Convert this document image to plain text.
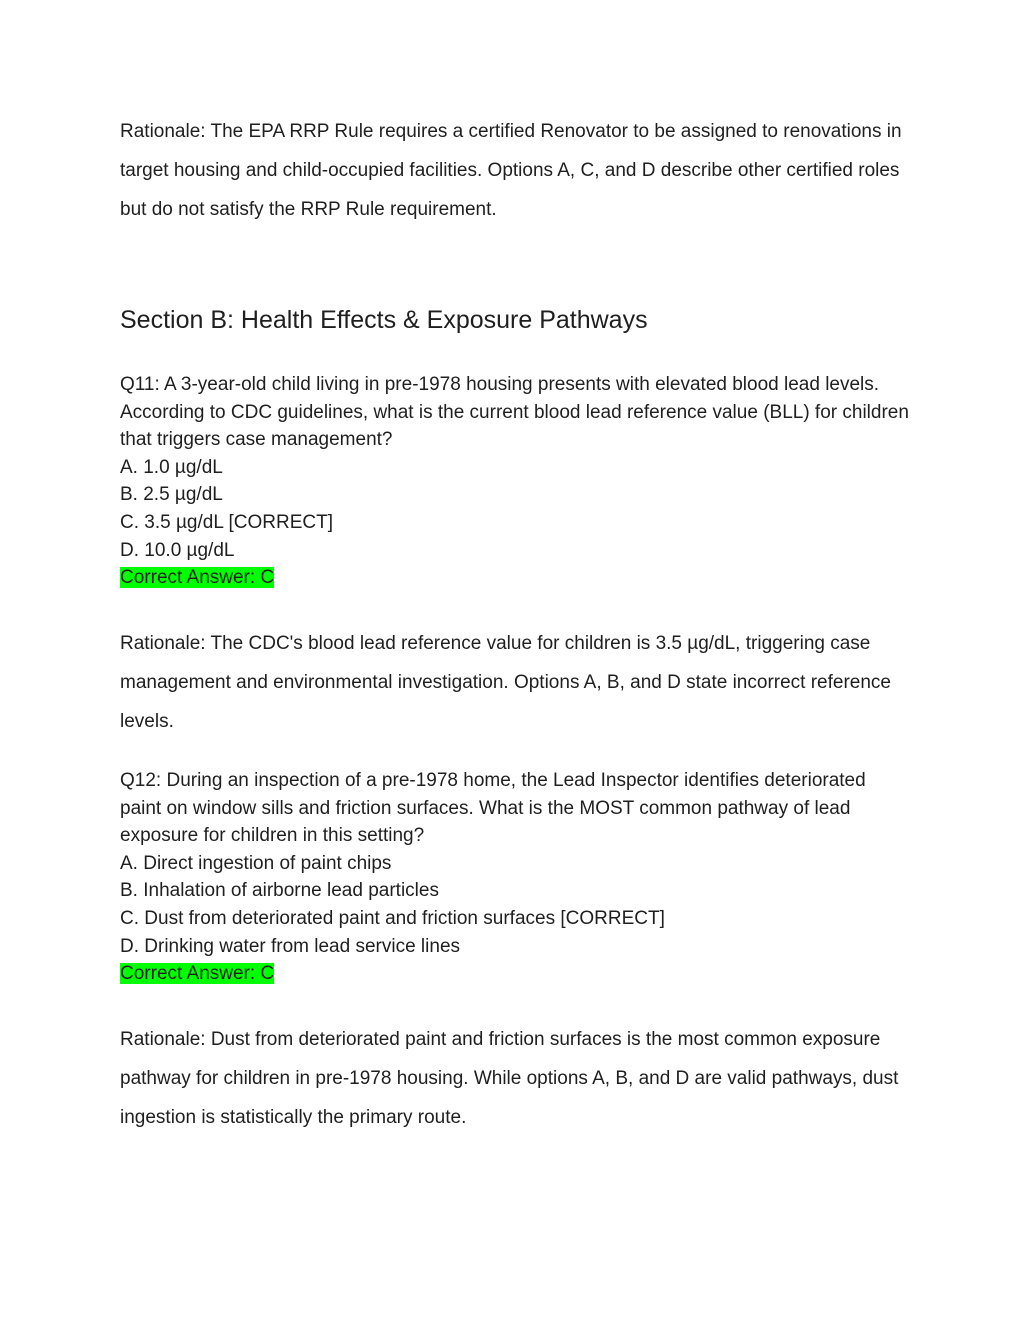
Rationale: The EPA RRP Rule requires a certified Renovator to be assigned to renovations in target housing and child-occupied facilities. Options A, C, and D describe other certified roles but do not satisfy the RRP Rule requirement.

Section B: Health Effects & Exposure Pathways

Q11: A 3-year-old child living in pre-1978 housing presents with elevated blood lead levels. According to CDC guidelines, what is the current blood lead reference value (BLL) for children that triggers case management?

A. 1.0 µg/dL

B. 2.5 µg/dL

C. 3.5 µg/dL [CORRECT]

D. 10.0 µg/dL

Correct Answer: C

Rationale: The CDC's blood lead reference value for children is 3.5 µg/dL, triggering case management and environmental investigation. Options A, B, and D state incorrect reference levels.

Q12: During an inspection of a pre-1978 home, the Lead Inspector identifies deteriorated paint on window sills and friction surfaces. What is the MOST common pathway of lead exposure for children in this setting?

A. Direct ingestion of paint chips

B. Inhalation of airborne lead particles

C. Dust from deteriorated paint and friction surfaces [CORRECT]

D. Drinking water from lead service lines

Correct Answer: C

Rationale: Dust from deteriorated paint and friction surfaces is the most common exposure pathway for children in pre-1978 housing. While options A, B, and D are valid pathways, dust ingestion is statistically the primary route.
